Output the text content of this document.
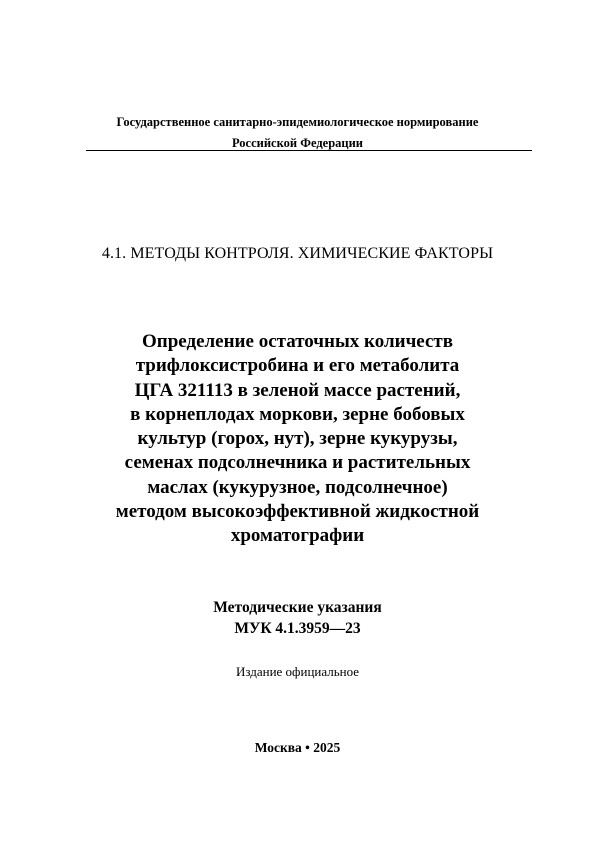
Государственное санитарно-эпидемиологическое нормирование
Российской Федерации
4.1. МЕТОДЫ КОНТРОЛЯ. ХИМИЧЕСКИЕ ФАКТОРЫ
Определение остаточных количеств
трифлоксистробина и его метаболита
ЦГА 321113 в зеленой массе растений,
в корнеплодах моркови, зерне бобовых
культур (горох, нут), зерне кукурузы,
семенах подсолнечника и растительных
маслах (кукурузное, подсолнечное)
методом высокоэффективной жидкостной
хроматографии
Методические указания
МУК 4.1.3959—23
Издание официальное
Москва • 2025
